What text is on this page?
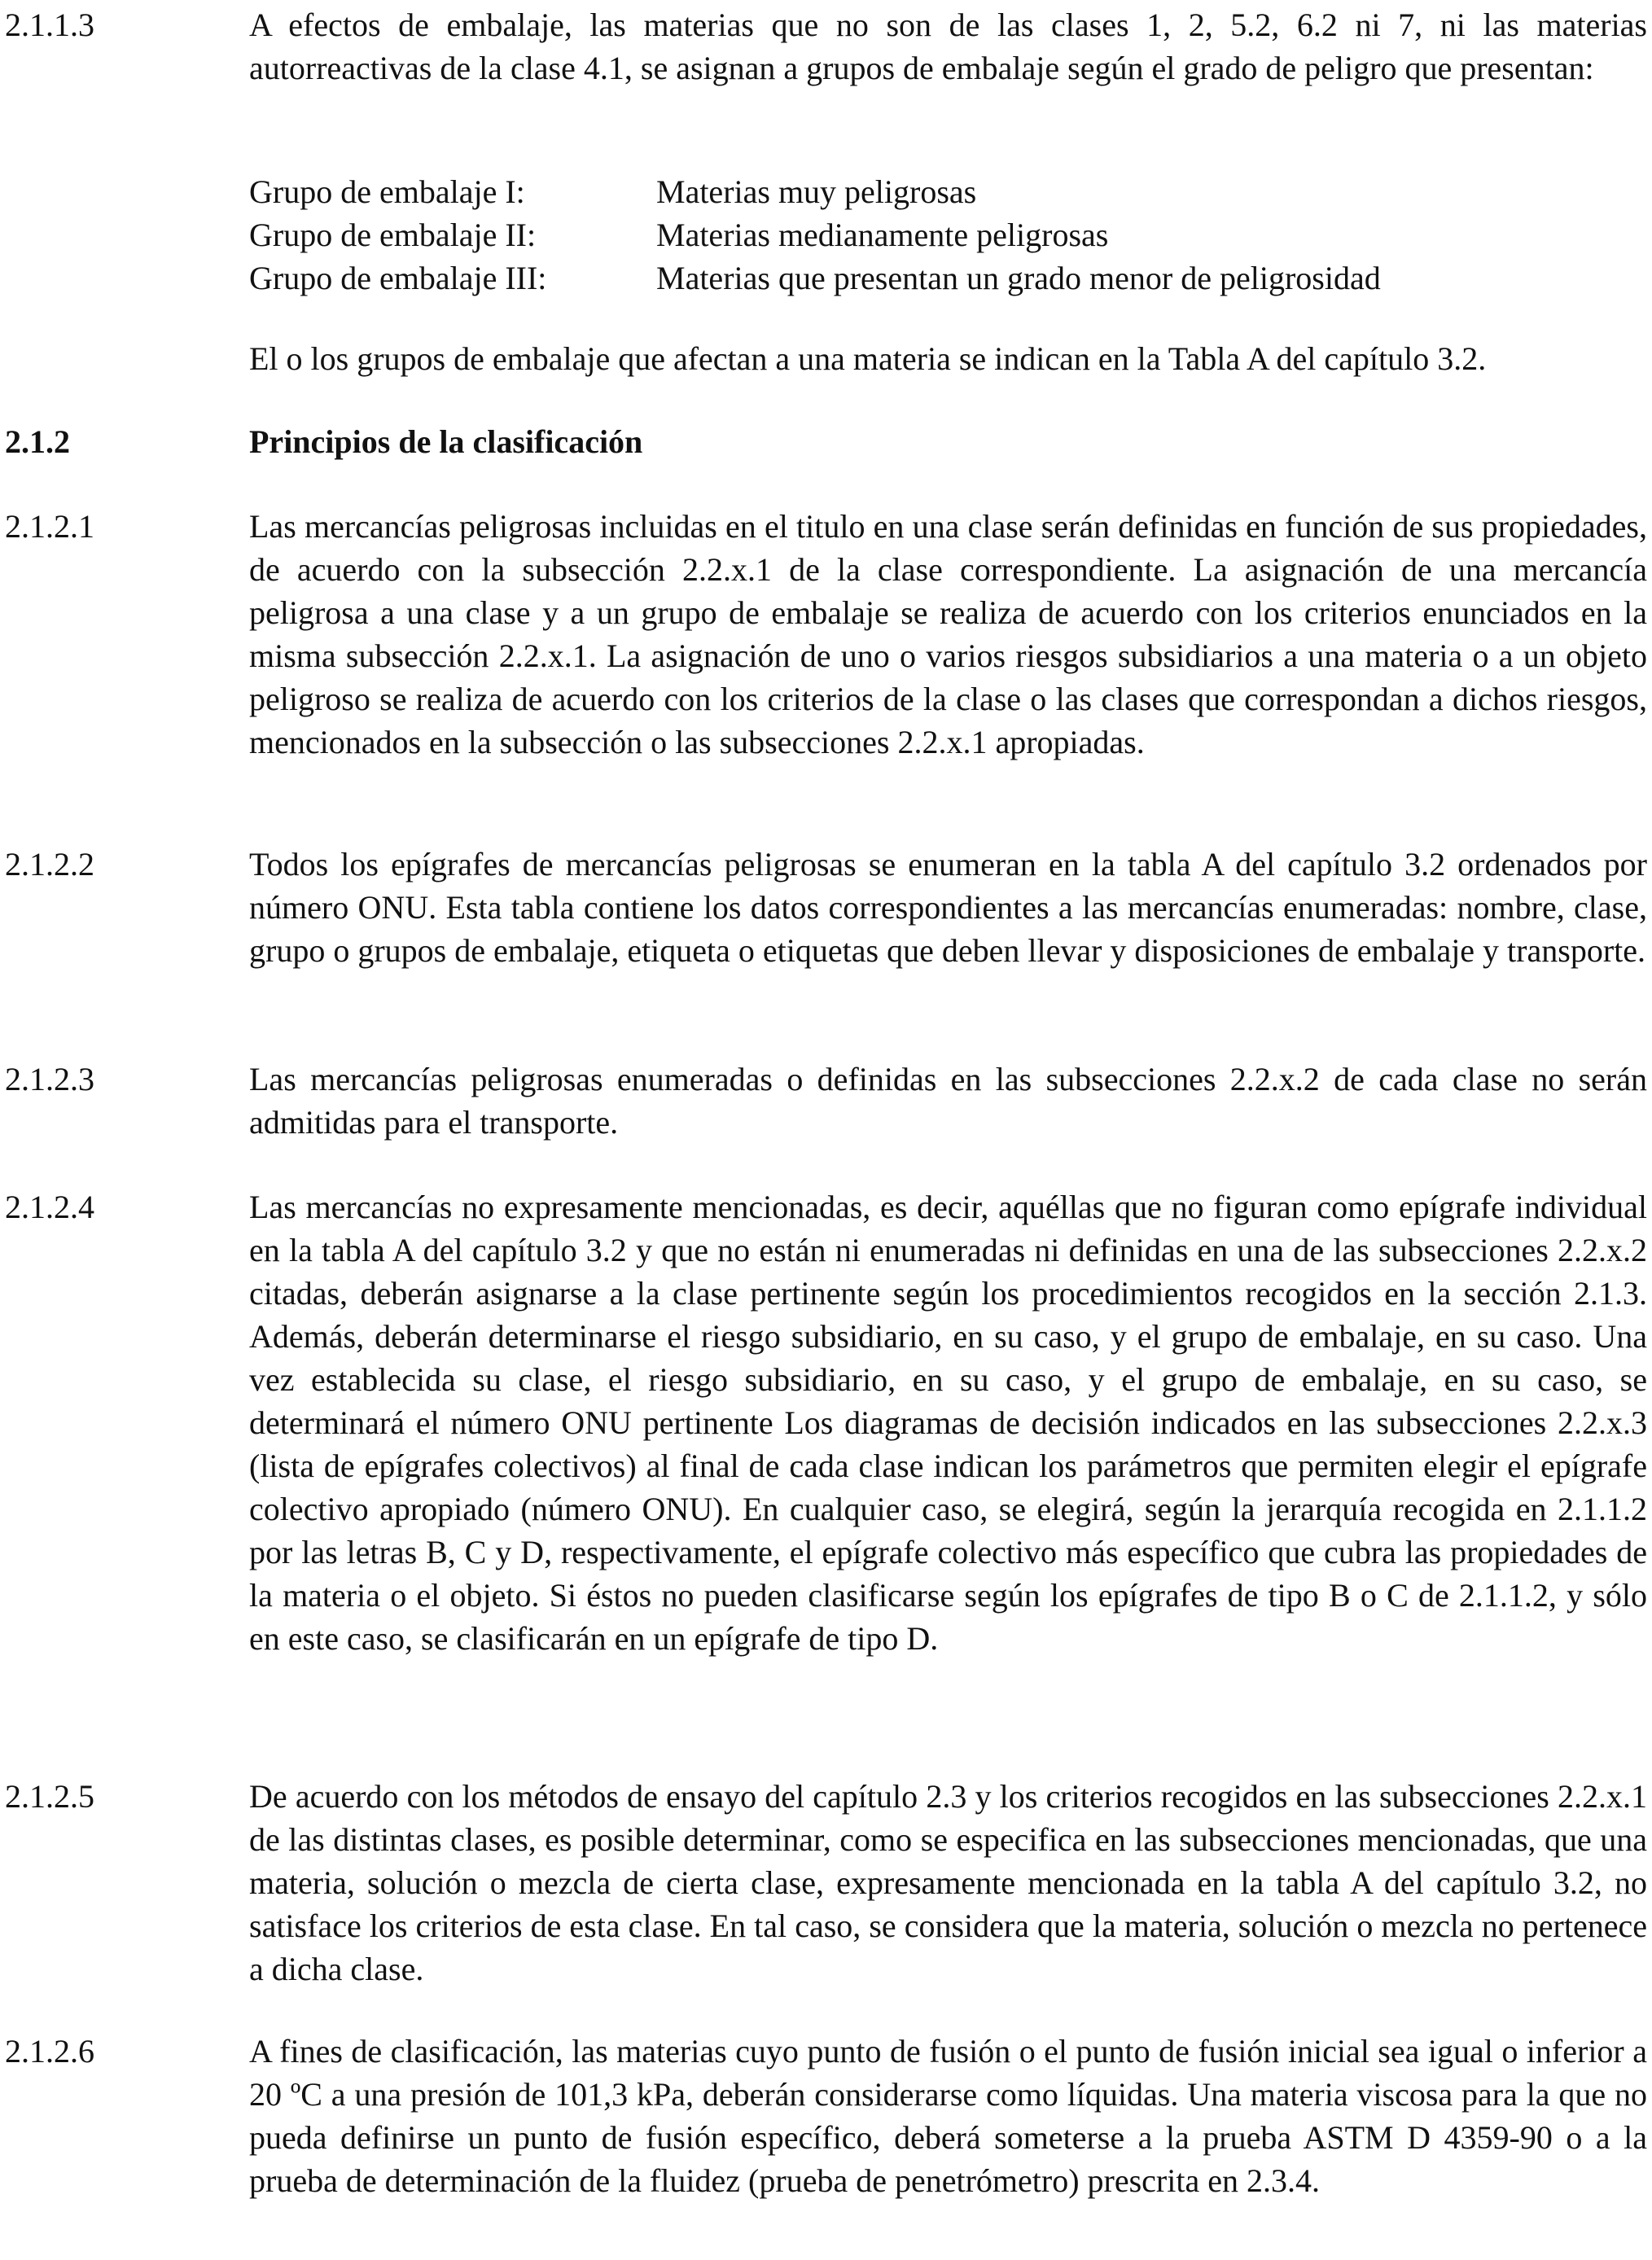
2.1.1.3	A efectos de embalaje, las materias que no son de las clases 1, 2, 5.2, 6.2 ni 7, ni las materias autorreactivas de la clase 4.1, se asignan a grupos de embalaje según el grado de peligro que presentan:

Grupo de embalaje I:	Materias muy peligrosas
Grupo de embalaje II:	Materias medianamente peligrosas
Grupo de embalaje III:	Materias que presentan un grado menor de peligrosidad
El o los grupos de embalaje que afectan a una materia se indican en la Tabla A del capítulo 3.2.
2.1.2	Principios de la clasificación
2.1.2.1	Las mercancías peligrosas incluidas en el titulo en una clase serán definidas en función de sus propiedades, de acuerdo con la subsección 2.2.x.1 de la clase correspondiente. La asignación de una mercancía peligrosa a una clase y a un grupo de embalaje se realiza de acuerdo con los criterios enunciados en la misma subsección 2.2.x.1. La asignación de uno o varios riesgos subsidiarios a una materia o a un objeto peligroso se realiza de acuerdo con los criterios de la clase o las clases que correspondan a dichos riesgos, mencionados en la subsección o las subsecciones 2.2.x.1 apropiadas.

2.1.2.2	Todos los epígrafes de mercancías peligrosas se enumeran en la tabla A del capítulo 3.2 ordenados por número ONU. Esta tabla contiene los datos correspondientes a las mercancías enumeradas: nombre, clase, grupo o grupos de embalaje, etiqueta o etiquetas que deben llevar y disposiciones de embalaje y transporte.

2.1.2.3	Las mercancías peligrosas enumeradas o definidas en las subsecciones 2.2.x.2 de cada clase no serán admitidas para el transporte.

2.1.2.4	Las mercancías no expresamente mencionadas, es decir, aquéllas que no figuran como epígrafe individual en la tabla A del capítulo 3.2 y que no están ni enumeradas ni definidas en una de las subsecciones 2.2.x.2 citadas, deberán asignarse a la clase pertinente según los procedimientos recogidos en la sección 2.1.3. Además, deberán determinarse el riesgo subsidiario, en su caso, y el grupo de embalaje, en su caso. Una vez establecida su clase, el riesgo subsidiario, en su caso, y el grupo de embalaje, en su caso, se determinará el número ONU pertinente Los diagramas de decisión indicados en las subsecciones 2.2.x.3 (lista de epígrafes colectivos) al final de cada clase indican los parámetros que permiten elegir el epígrafe colectivo apropiado (número ONU). En cualquier caso, se elegirá, según la jerarquía recogida en 2.1.1.2 por las letras B, C y D, respectivamente, el epígrafe colectivo más específico que cubra las propiedades de la materia o el objeto. Si éstos no pueden clasificarse según los epígrafes de tipo B o C de 2.1.1.2, y sólo en este caso, se clasificarán en un epígrafe de tipo D.

2.1.2.5	De acuerdo con los métodos de ensayo del capítulo 2.3 y los criterios recogidos en las subsecciones 2.2.x.1 de las distintas clases, es posible determinar, como se especifica en las subsecciones mencionadas, que una materia, solución o mezcla de cierta clase, expresamente mencionada en la tabla A del capítulo 3.2, no satisface los criterios de esta clase. En tal caso, se considera que la materia, solución o mezcla no pertenece a dicha clase.

2.1.2.6	A fines de clasificación, las materias cuyo punto de fusión o el punto de fusión inicial sea igual o inferior a 20 ºC a una presión de 101,3 kPa, deberán considerarse como líquidas. Una materia viscosa para la que no pueda definirse un punto de fusión específico, deberá someterse a la prueba ASTM D 4359-90 o a la prueba de determinación de la fluidez (prueba de penetrómetro) prescrita en 2.3.4.
